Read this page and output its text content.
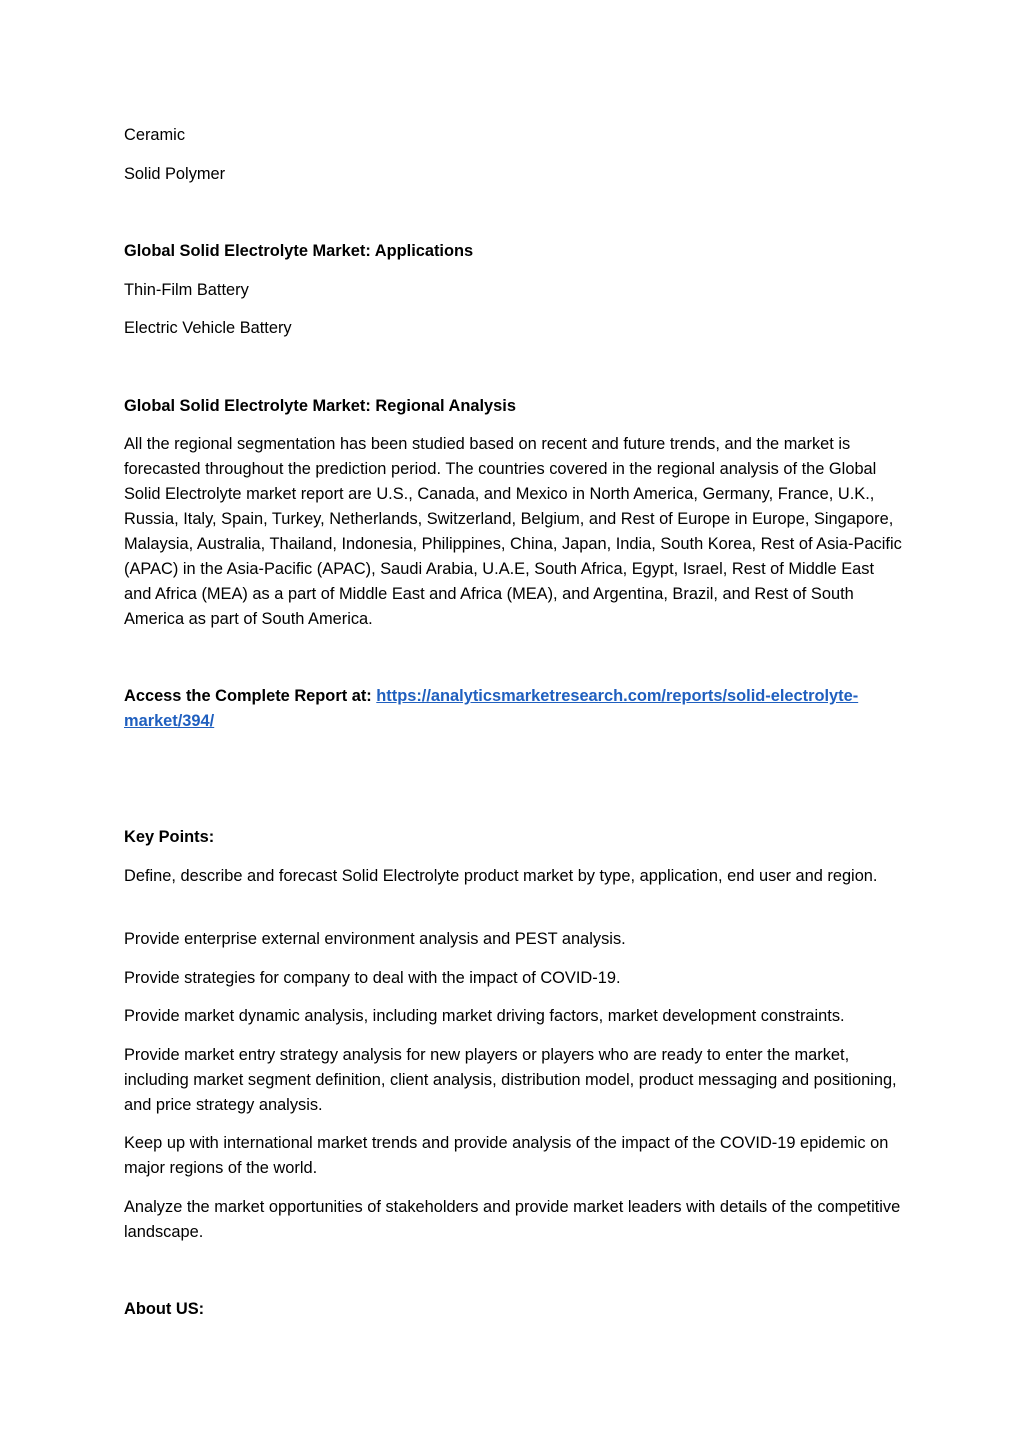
Ceramic

Solid Polymer

Global Solid Electrolyte Market: Applications

Thin-Film Battery

Electric Vehicle Battery

Global Solid Electrolyte Market: Regional Analysis

All the regional segmentation has been studied based on recent and future trends, and the market is forecasted throughout the prediction period. The countries covered in the regional analysis of the Global Solid Electrolyte market report are U.S., Canada, and Mexico in North America, Germany, France, U.K., Russia, Italy, Spain, Turkey, Netherlands, Switzerland, Belgium, and Rest of Europe in Europe, Singapore, Malaysia, Australia, Thailand, Indonesia, Philippines, China, Japan, India, South Korea, Rest of Asia-Pacific (APAC) in the Asia-Pacific (APAC), Saudi Arabia, U.A.E, South Africa, Egypt, Israel, Rest of Middle East and Africa (MEA) as a part of Middle East and Africa (MEA), and Argentina, Brazil, and Rest of South America as part of South America.

Access the Complete Report at: https://analyticsmarketresearch.com/reports/solid-electrolyte-market/394/

Key Points:

Define, describe and forecast Solid Electrolyte product market by type, application, end user and region.

Provide enterprise external environment analysis and PEST analysis.

Provide strategies for company to deal with the impact of COVID-19.

Provide market dynamic analysis, including market driving factors, market development constraints.

Provide market entry strategy analysis for new players or players who are ready to enter the market, including market segment definition, client analysis, distribution model, product messaging and positioning, and price strategy analysis.

Keep up with international market trends and provide analysis of the impact of the COVID-19 epidemic on major regions of the world.

Analyze the market opportunities of stakeholders and provide market leaders with details of the competitive landscape.

About US:
